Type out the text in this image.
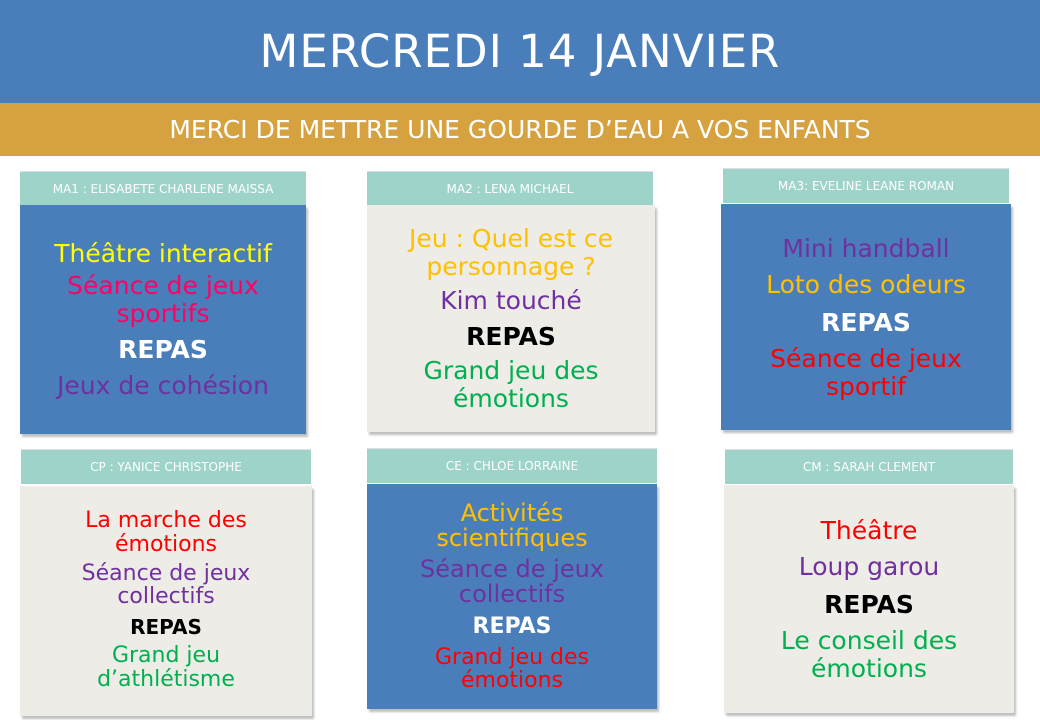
MERCREDI 14 JANVIER
MERCI DE METTRE UNE GOURDE D’EAU A VOS ENFANTS
MA1 : ELISABETE CHARLENE MAISSA
Théâtre interactif
Séance de jeux sportifs
REPAS
Jeux de cohésion
MA2 : LENA MICHAEL
Jeu : Quel est ce personnage ?
Kim touché
REPAS
Grand jeu des émotions
MA3: EVELINE LEANE ROMAN
Mini handball
Loto des odeurs
REPAS
Séance de jeux sportif
CP : YANICE CHRISTOPHE
La marche des émotions
Séance de jeux collectifs
REPAS
Grand jeu d’athlétisme
CE : CHLOE LORRAINE
Activités scientifiques
Séance de jeux collectifs
REPAS
Grand jeu des émotions
CM : SARAH CLEMENT
Théâtre
Loup garou
REPAS
Le conseil des émotions
